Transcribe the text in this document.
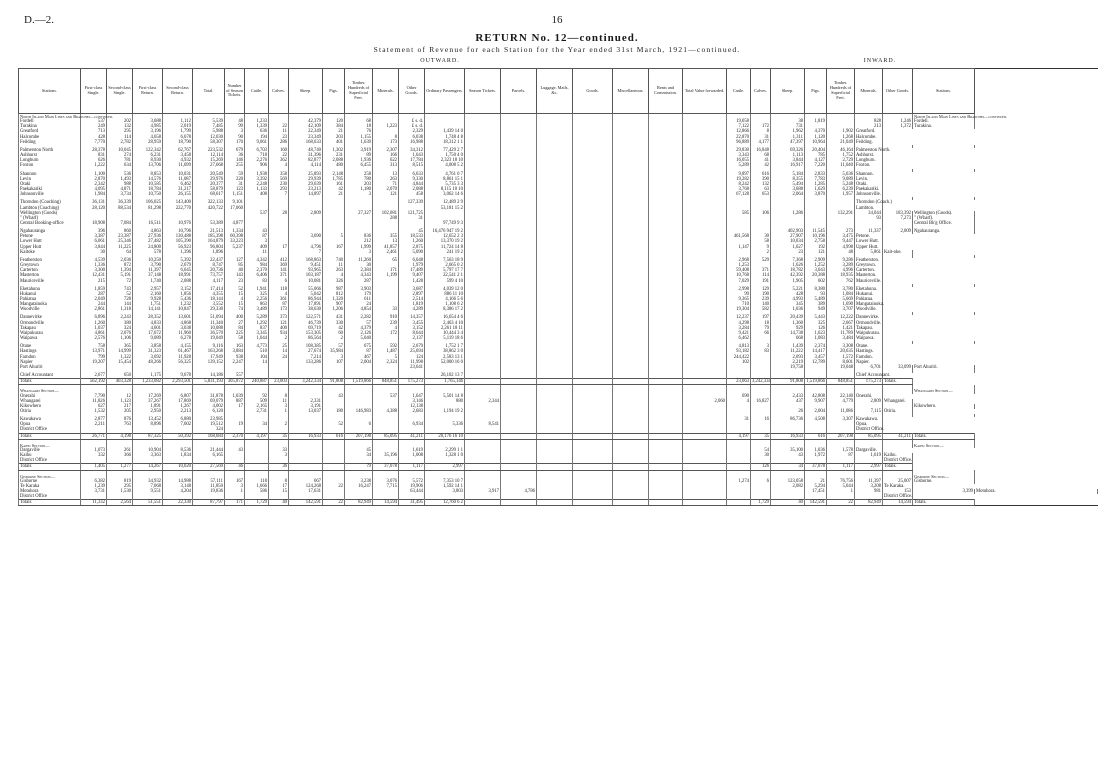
D.—2.	16
RETURN No. 12—continued.
Statement of Revenue for each Station for the Year ended 31st March, 1921—continued.
OUTWARD.	INWARD.
Stations.	First-class Single.	Second-class Single.	First-class Return.	Second-class Return.	Total.	Number of Season Tickets.	Cattle.	Calves.	Sheep.	Pigs.	Timber. Hundreds of Superficial Feet.	Minerals.	Other Goods.	Ordinary Passengers.	Season Tickets.	Parcels.	Luggage, Mails, &c.	Goods.	Miscellaneous.	Rents and Commission.	Total Value forwarded.	Cattle.	Calves.	Sheep.	Pigs.	Timber. Hundreds of Superficial Feet.	Minerals.	Other Goods.	Stations.	
North Island Main Lines and Branches—continued.																													North Island Main Lines and Branches—continued.	
Fordell	537	202	3,688	1,112	5,539	48	1,233		42,379	120	68		£ s. d.									19,058		38	1,819		828	1,246	Fordell.	
Turakina	249	132	4,985	2,019	7,485	99	1,339	22	42,109	384	18	1,223	£ s. d.									7,122	172	731			213	1,372	Turakina.	
Greatford	713	295	3,196	1,799	5,988	3	636	11	22,349	21	76		2,329	1,439 14 0								12,866	8	1,962	4,370	1,902	Greatford.			
Halcombe	428	114	4,658	6,678	12,030	90	194	23	23,349	203	1,155	8	6,038	1,748 4 8								22,870	31	1,311	1,120	1,268	Halcombe.			
Feilding	7,770	2,782	28,959	18,790	58,307	170	9,061	286	168,633	401	1,639	173	16,988	18,312 1 1								96,889	4,177	47,397	10,964	21,049	Feilding.			

Palmerston North	28,378	10,045	122,342	62,767	223,532	679	6,703	160	48,740	1,302	3,919	2,307	34,312	77,429 2 7								29,830	16,848	69,326	20,404	46,164	Palmerston North.			
Ashhurst	831	274	6,231	3,458	12,114	36	718	22	31,396	231	89	166	1,643	1,750 4 0								3,343	68	1,113	785	1,752	Ashhurst.			
Longburn	626	781	8,930	4,932	15,269	146	2,276	362	82,877	2,088	1,936	622	17,784	2,323 18 10								16,055	41	3,844	4,127	2,729	Longburn.			
Foxton	1,222	634	13,706	11,699	27,668	255	906	4	4,114	480	6,455	313	8,515	4,008 5 2								5,289	42	16,917	7,220	11,040	Foxton.			

Shannon	1,100	536	8,853	10,031	20,549	59	1,938	358	25,893	2,148	258	13	6,633	4,761 0 7								9,897	616	5,184	2,833	5,636	Shannon.			
Levin	2,870	1,493	14,576	11,087	29,976	220	3,392	569	29,939	1,785	780	263	9,330	8,861 15 1								19,282	390	8,355	7,783	9,089	Levin.			
Otaki	2,342	988	10,585	6,462	20,377	31	2,248	230	29,639	161	203	71	4,844	5,735 3 3								8,242	132	5,494	1,285	5,248	Otaki.			
Paekakariki	4,095	4,871	18,784	31,217	58,879	123	1,133	293	23,213	42	1,180	2,070	2,088	8,115 10 10								3,768	63	3,688	1,629	6,239	Paekakariki.			
Johnsonville	1,984	3,734	10,750	26,155	68,617	1,151	408	7	14,897	21	3	121	458	3,062 14 6								67,128	653	2,064	3,870	1,957	Johnsonville.			

Thorndon (Coaching)	36,131	36,339	106,025	143,400	322,133	9,101							127,339	12,489 2 9													Thorndon (Coach.)			
Lambton (Coaching)	28,120	88,534	81,298	222,770	420,722	17,060								53,181 15 2													Lambton.			
Wellington (Goods)							537	28	2,809		27,327	102,081	121,725									585	106	1,286		132,291	34,044	183,392	Wellington (Goods).	
" (Wharf)												288	31														93	7,273	" (Wharf).	
Central Booking-office	18,908	7,084	16,511	10,976	53,389	4,877								97,749 9 3															Central Bk'g Office.	

Ngahauranga	396	860	4,863	10,796	21,513	1,334	43						45	16,476 947 19 2										402,903	11,545	273	11,337	2,009	Ngahauranga.	
Petone	3,387	23,387	27,936	130,488	185,398	60,398	87		3,690	5	836	355	18,533	12,652 2 3								461,568	30	27,907	10,196	3,475	Petone.			
Lower Hutt	6,061	25,346	27,482	105,390	164,879	33,223	3				212	13	1,260	13,370 19 2									58	10,034	2,758	9,447	Lower Hutt.			
Upper Hutt	3,844	11,225	24,800	56,923	96,804	5,237	409	17	4,796	167	1,999	41,857	2,875	11,724 14 8								1,147	9	1,627	192	4,998	Upper Hutt.			
Kaitoke	30	64	578	1,396	1,896		11		7		3	2,461	5,090	241 19 2									2	23	121	48	5,861	Kait-oke.		

Featherston	4,539	2,036	10,250	5,392	22,437	127	4,342	412	168,863	740	11,260	65	6,648	7,563 18 9								2,968	529	7,368	2,909	9,286	Featherston.			
Greytown	1,336	872	3,790	2,679	8,747	85	984	369	9,451	11	30		1,979	2,665 0 2								1,253		1,626	1,252	3,289	Greytown.			
Carterton	3,300	1,394	11,397	6,645	20,736	40	2,370	141	93,965	263	2,384	171	17,489	5,797 17 7								59,408	371	18,782	3,043	4,996	Carterton.			
Masterton	12,431	5,191	37,148	18,991	73,757	143	6,406	371	103,187	4	4,343	1,199	9,407	22,541 2 1								10,768	114	42,392	20,388	18,935	Masterton.			
Mauriceville	215	72	1,740	2,088	4,117	23	83	6	10,081	326	287		1,428	599 4 10								7,029	191	1,905	602	762	Mauriceville.			

Eketahuna	1,859	743	2,957	3,152	17,414	52	1,941	118	55,066	987	3,903		3,687	4,039 12 0								2,998	129	5,221	8,380	3,780	Eketahuna.			
Hukanui	287	52	2,160	1,856	4,355	15	325	4	5,042	812	179		2,897	886 11 10								99	190	428	93	1,084	Hukanui.			
Pahiatua	2,049	728	9,928	5,436	18,144	4	2,256	361	86,944	1,320	611		2,514	4,166 5 6								9,365	239	4,993	5,489	5,669	Pahiatua.			
Mangatainoka	244	144	1,751	1,232	3,552	15	863	87	17,891	907	24		1,819	1,108 6 2								710	140	345	389	1,690	Mangatainoka.			
Woodville	2,861	1,318	14,141	10,847	29,330	74	3,489	173	38,630	1,206	4,854	33	4,289	8,386 17 2								19,304	582	1,036	949	3,707	Woodville.			

Dannevirke	6,896	2,243	28,352	13,601	51,094	400	5,289	373	122,571	431	2,282	910	14,357	16,654 4 6								12,237	197	20,439	5,443	12,222	Dannevirke.			
Ormondville	1,260	380	4,833	4,868	11,340	27	1,292	121	46,739	330	57	239	3,455	2,463 4 10								4,298	18	1,360	325	2,667	Ormondville.			
Takapau	1,037	324	4,601	3,038	10,088	84	837	400	69,719	42	4,379	4	3,152	2,261 18 11								3,284	79	929	126	1,421	Takapau.			
Waipukurau	4,861	2,076	17,672	11,960	36,570	225	3,345	934	153,305	60	2,126	172	8,644	10,444 3 4								9,421	66	14,738	1,623	11,789	Waipukurau.			
Waipawa	2,576	1,106	9,089	6,278	19,049	58	1,044	2	86,564	2	5,040		2,137	5,119 18 6								6,462		668	1,083	3,484	Waipawa.			

Otane	758	365	3,858	4,155	9,116	163	4,773	25	108,385	57	675	592	2,679	1,752 1 7								4,813	3	1,439	2,374	3,308	Otane.			
Hastings	13,971	14,999	31,323	61,467	163,268	3,884	510	14	27,674	35,984	87	1,487	25,694	38,862 3 0								93,182	83	11,222	14,417	20,635	Hastings.			
Farndon	799	1,322	3,692	11,928	17,949	938	104	24	7,214	3	467	5	124	2,583 13 1								244,422		2,093	3,457	1,572	Farndon.			
Napier	19,207	15,454	48,266	56,325	139,152	2,247	14		133,286	107	2,004	2,324	11,998	52,000 16 0								102		2,219	12,789	8,601	Napier.			
Port Ahuriri													23,641											19,758		19,048	6,701	33,099	Port Ahuriri.	

Chief Accountant	2,677	650	1,175	9,678	14,186	557								26,102 13 7													Chief Accountant.			
Totals	562,192	403,328	1,233,082	2,293,501	5,831,193	305,872	240,887	23,003	3,242,334	91,808	1,519,866	848,851	175,273	1,765,146								23,063	3,242,334	91,808	1,519,866	848,851	175,273	Totals.		

Whangarei Section—																													Whangarei Section—	
Onerahi	7,790	12	17,269	6,807	31,878	1,039	92	8		43		537	1,647	5,501 14 8								690		2,433	42,808	22,140	Onerahi.			
Whangarei	11,826	1,123	37,267	17,869	69,079	887	509	11	2,331				3,146	880	2,344						2,060	4	16,827	437	9,907	4,779	2,809	Whangarei.		
Kikowhero	627	217	1,891	1,267	4,002	17	2,165	3	3,191				12,138																Kikowhero.	
Otiria	1,532	205	2,950	2,213	6,120		2,731	1	13,037	180	146,983	4,388	2,683	1,194 19 2										26	2,004	11,086	7,115	Otiria.		

Kawakawa	2,877	876	13,452	6,880	23,985																	31	16	86,736	4,508	3,307	Kawakawa.			
Opua	2,211	763	8,896	7,602	19,512	19	34	2		52	6		6,934	5,336	8,541												Opua.			
District Office					324																						District Office.			
Totals	26,771	4,198	87,325	50,392	168,684	2,370	4,197	35	16,933	616	207,198	85,095	41,211	20,176 16 10								4,197	35	16,933	616	207,198	85,095	41,211	Totals.	

Kaihu Section—																													Kaihu Section—	
Dargaville	1,073	261	10,904	8,536	21,444	43		33			45		1,619	2,299 1 1									54	35,100	1,036	1,578	Dargaville.			
Kaihu	332	366	3,363	1,834	6,165			3			34	35,196	1,008	1,328 1 0									30	43	1,972	87	1,619	Kaihu.		
District Office																												District Office.		
Totals	1,405	1,277	14,267	10,020	27,569	46		36			79	37,078	1,117	2,997									126	34	37,078	1,117	2,997	Totals.		

Gisborne Section—																													Gisborne Section—	
Gisborne	6,382	819	34,932	14,988	57,111	167	118	8	667		3,238	3,076	5,572	7,353 10 7								1,274	6	123,058	21	76,756	11,397	25,007	Gisborne.	
Te Karaka	1,239	295	7,068	3,148	11,850	3	1,666	17	124,268	22	16,247	7,715	19,906	1,592 14 1										2,082	5,294	5,044	3,208	Te Karaka.		
Motuhora	3,731	1,530	9,551	4,204	19,836	1	586	15	17,631				63,444	3,803	3,917	4,786									17,451	1	981	153	3,399	Motuhora.
District Office																												District Office.		
Totals	11,332	2,564	51,551	22,330	87,797	171	1,729	40	142,591	22	82,949	14,594	31,495	12,760 6 2									1,729	40	142,591	22	82,949	14,594	Totals.	
